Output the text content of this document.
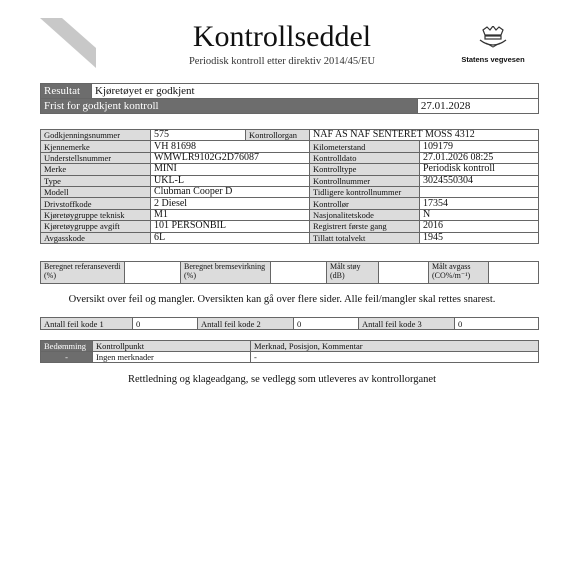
Kontrollseddel
Periodisk kontroll etter direktiv 2014/45/EU	Statens vegvesen
Resultat	Kjøretøyet er godkjent	
Frist for godkjent kontroll		27.01.2028
Godkjenningsnummer	575	Kontrollorgan	NAF AS NAF SENTERET MOSS 4312	
Kjennemerke	VH 81698		Kilometerstand	109179
Understellsnummer	WMWLR9102G2D76087		Kontrolldato	27.01.2026 08:25
Merke	MINI		Kontrolltype	Periodisk kontroll
Type	UKL-L		Kontrollnummer	3024550304
Modell	Clubman Cooper D		Tidligere kontrollnummer	
Drivstoffkode	2 Diesel		Kontrollør	17354
Kjøretøygruppe teknisk	M1		Nasjonalitetskode	N
Kjøretøygruppe avgift	101 PERSONBIL		Registrert første gang	2016
Avgasskode	6L		Tillatt totalvekt	1945
Beregnet referanseverdi (%)		Beregnet bremsevirkning (%)		Målt støy (dB)		Målt avgass (CO%/m⁻¹)	
Oversikt over feil og mangler. Oversikten kan gå over flere sider. Alle feil/mangler skal rettes snarest.
Antall feil kode 1	0	Antall feil kode 2	0	Antall feil kode 3	0
Bedømming	Kontrollpunkt	Merknad, Posisjon, Kommentar
-	Ingen merknader	-
Rettledning og klageadgang, se vedlegg som utleveres av kontrollorganet
